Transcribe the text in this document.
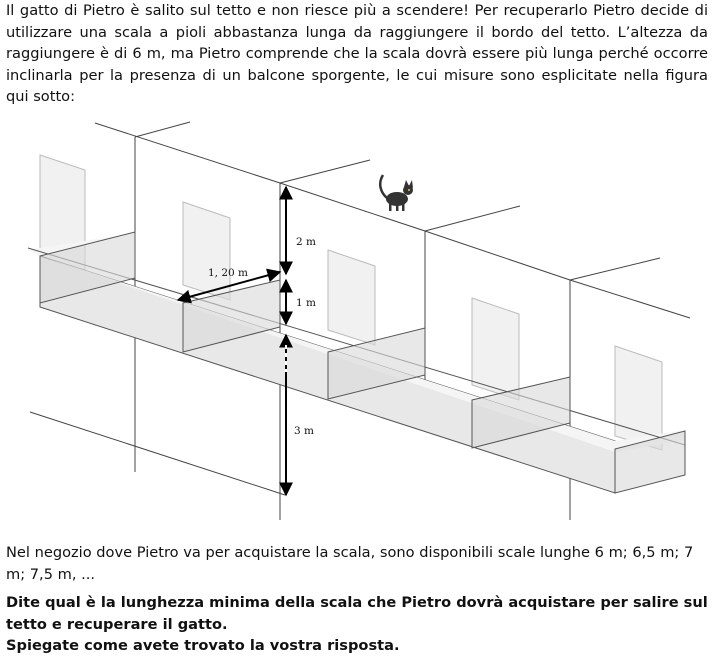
Il gatto di Pietro è salito sul tetto e non riesce più a scendere! Per recuperarlo Pietro decide di utilizzare una scala a pioli abbastanza lunga da raggiungere il bordo del tetto. L’altezza da raggiungere è di 6 m, ma Pietro comprende che la scala dovrà essere più lunga perché occorre inclinarla per la presenza di un balcone sporgente, le cui misure sono esplicitate nella figura qui sotto:

2 m
1 m
3 m
1, 20 m

Nel negozio dove Pietro va per acquistare la scala, sono disponibili scale lunghe 6 m; 6,5 m; 7 m; 7,5 m, ...

Dite qual è la lunghezza minima della scala che Pietro dovrà acquistare per salire sul tetto e recuperare il gatto.

Spiegate come avete trovato la vostra risposta.
